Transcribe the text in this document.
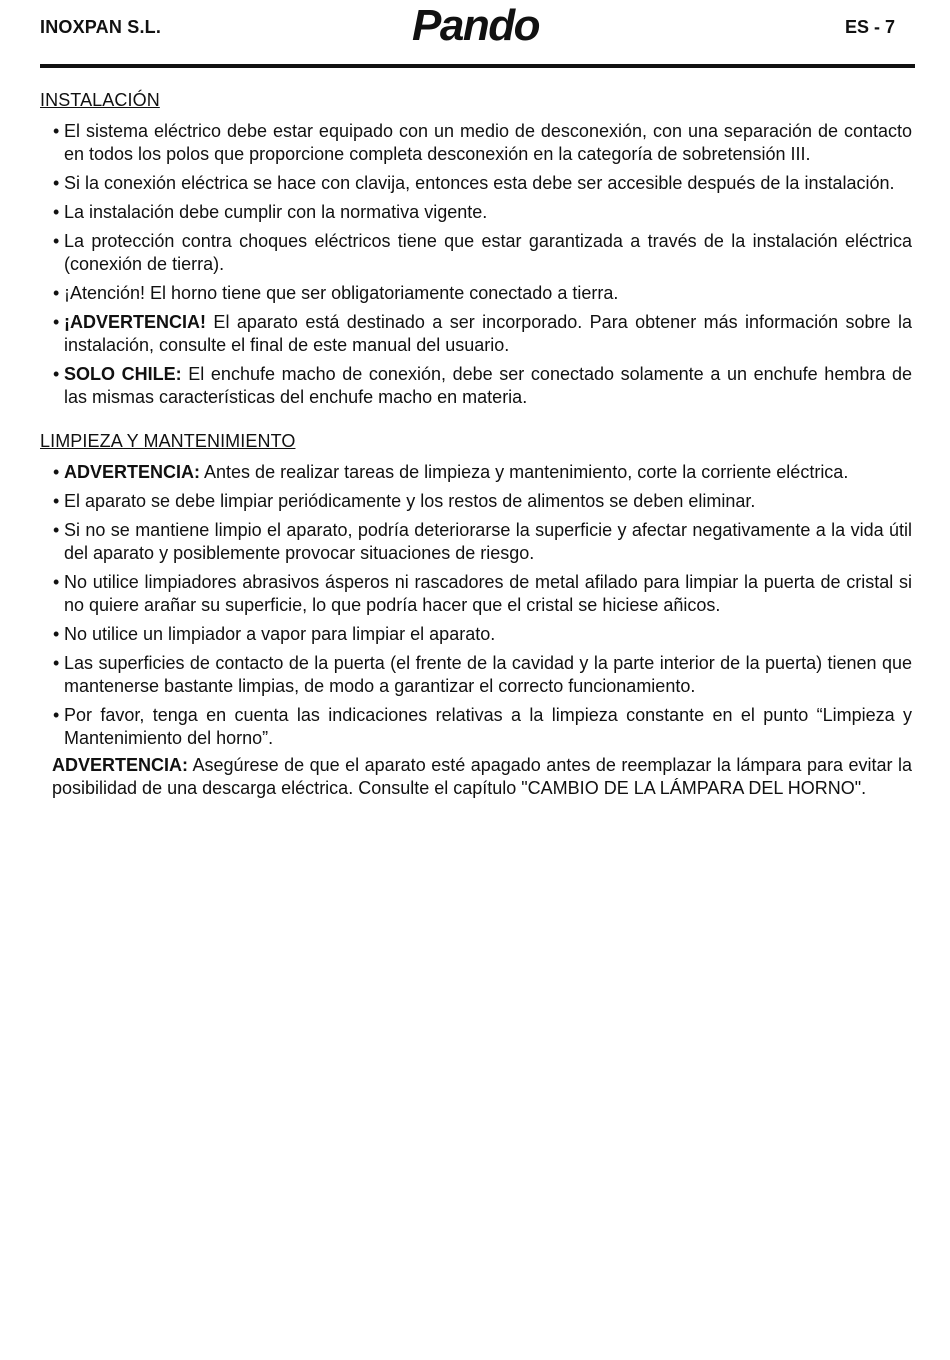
INOXPAN S.L.	Pando	ES - 7
INSTALACIÓN
• El sistema eléctrico debe estar equipado con un medio de desconexión, con una separación de contacto en todos los polos que proporcione completa desconexión en la categoría de sobretensión III.
• Si la conexión eléctrica se hace con clavija, entonces esta debe ser accesible después de la instalación.
• La instalación debe cumplir con la normativa vigente.
• La protección contra choques eléctricos tiene que estar garantizada a través de la instalación eléctrica (conexión de tierra).
• ¡Atención! El horno tiene que ser obligatoriamente conectado a tierra.
• ¡ADVERTENCIA! El aparato está destinado a ser incorporado. Para obtener más información sobre la instalación, consulte el final de este manual del usuario.
• SOLO CHILE: El enchufe macho de conexión, debe ser conectado solamente a un enchufe hembra de las mismas características del enchufe macho en materia.
LIMPIEZA Y MANTENIMIENTO
• ADVERTENCIA: Antes de realizar tareas de limpieza y mantenimiento, corte la corriente eléctrica.
• El aparato se debe limpiar periódicamente y los restos de alimentos se deben eliminar.
• Si no se mantiene limpio el aparato, podría deteriorarse la superficie y afectar negativamente a la vida útil del aparato y posiblemente provocar situaciones de riesgo.
• No utilice limpiadores abrasivos ásperos ni rascadores de metal afilado para limpiar la puerta de cristal si no quiere arañar su superficie, lo que podría hacer que el cristal se hiciese añicos.
• No utilice un limpiador a vapor para limpiar el aparato.
• Las superficies de contacto de la puerta (el frente de la cavidad y la parte interior de la puerta) tienen que mantenerse bastante limpias, de modo a garantizar el correcto funcionamiento.
• Por favor, tenga en cuenta las indicaciones relativas a la limpieza constante en el punto “Limpieza y Mantenimiento del horno”.
ADVERTENCIA: Asegúrese de que el aparato esté apagado antes de reemplazar la lámpara para evitar la posibilidad de una descarga eléctrica. Consulte el capítulo "CAMBIO DE LA LÁMPARA DEL HORNO".
